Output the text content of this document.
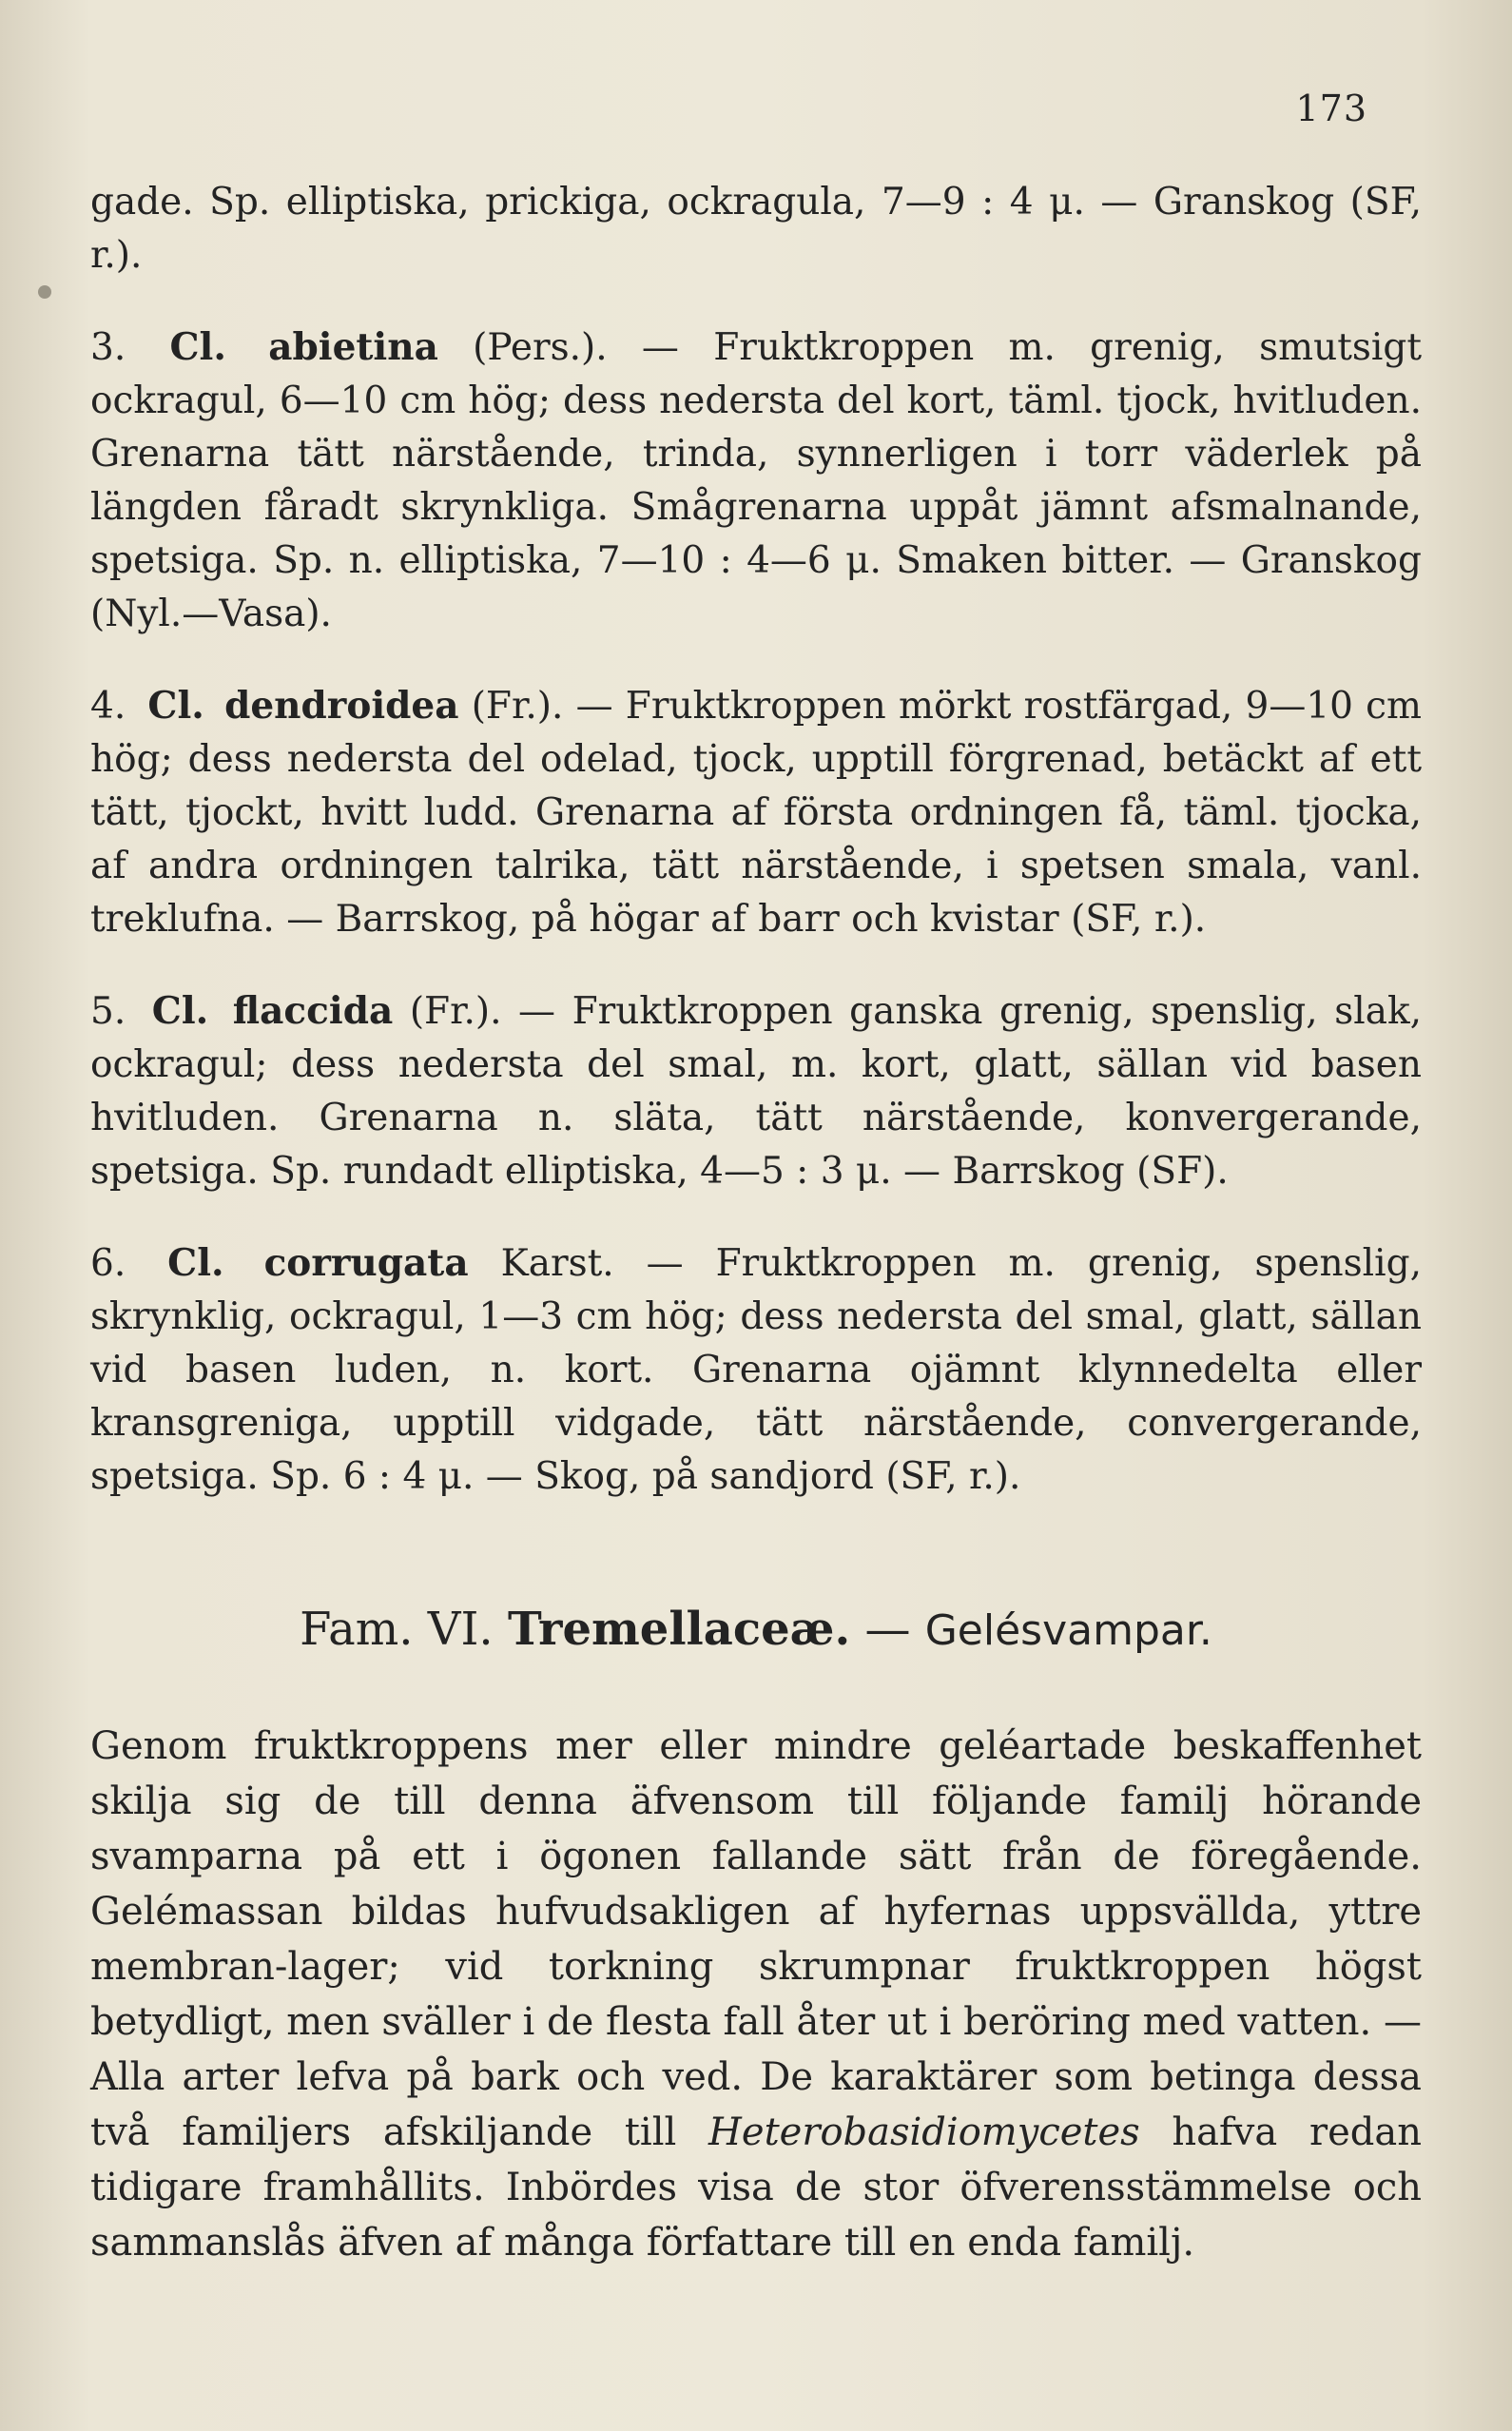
173

gade. Sp. elliptiska, prickiga, ockragula, 7—9 : 4 μ. — Granskog (SF, r.).

3. Cl. abietina (Pers.). — Fruktkroppen m. grenig, smutsigt ockragul, 6—10 cm hög; dess nedersta del kort, täml. tjock, hvitluden. Grenarna tätt närstående, trinda, synnerligen i torr väderlek på längden fåradt skrynkliga. Smågrenarna uppåt jämnt afsmalnande, spetsiga. Sp. n. elliptiska, 7—10 : 4—6 μ. Smaken bitter. — Granskog (Nyl.—Vasa).

4. Cl. dendroidea (Fr.). — Fruktkroppen mörkt rostfärgad, 9—10 cm hög; dess nedersta del odelad, tjock, upptill förgrenad, betäckt af ett tätt, tjockt, hvitt ludd. Grenarna af första ordningen få, täml. tjocka, af andra ordningen talrika, tätt närstående, i spetsen smala, vanl. treklufna. — Barrskog, på högar af barr och kvistar (SF, r.).

5. Cl. flaccida (Fr.). — Fruktkroppen ganska grenig, spenslig, slak, ockragul; dess nedersta del smal, m. kort, glatt, sällan vid basen hvitluden. Grenarna n. släta, tätt närstående, konvergerande, spetsiga. Sp. rundadt elliptiska, 4—5 : 3 μ. — Barrskog (SF).

6. Cl. corrugata Karst. — Fruktkroppen m. grenig, spenslig, skrynklig, ockragul, 1—3 cm hög; dess nedersta del smal, glatt, sällan vid basen luden, n. kort. Grenarna ojämnt klynnedelta eller kransgreniga, upptill vidgade, tätt närstående, convergerande, spetsiga. Sp. 6 : 4 μ. — Skog, på sandjord (SF, r.).

Fam. VI. Tremellaceæ. — Gelésvampar.

Genom fruktkroppens mer eller mindre geléartade beskaffenhet skilja sig de till denna äfvensom till följande familj hörande svamparna på ett i ögonen fallande sätt från de föregående. Gelémassan bildas hufvudsakligen af hyfernas uppsvällda, yttre membran-lager; vid torkning skrumpnar fruktkroppen högst betydligt, men sväller i de flesta fall åter ut i beröring med vatten. — Alla arter lefva på bark och ved. De karaktärer som betinga dessa två familjers afskiljande till Heterobasidiomycetes hafva redan tidigare framhållits. Inbördes visa de stor öfverensstämmelse och sammanslås äfven af många författare till en enda familj.
